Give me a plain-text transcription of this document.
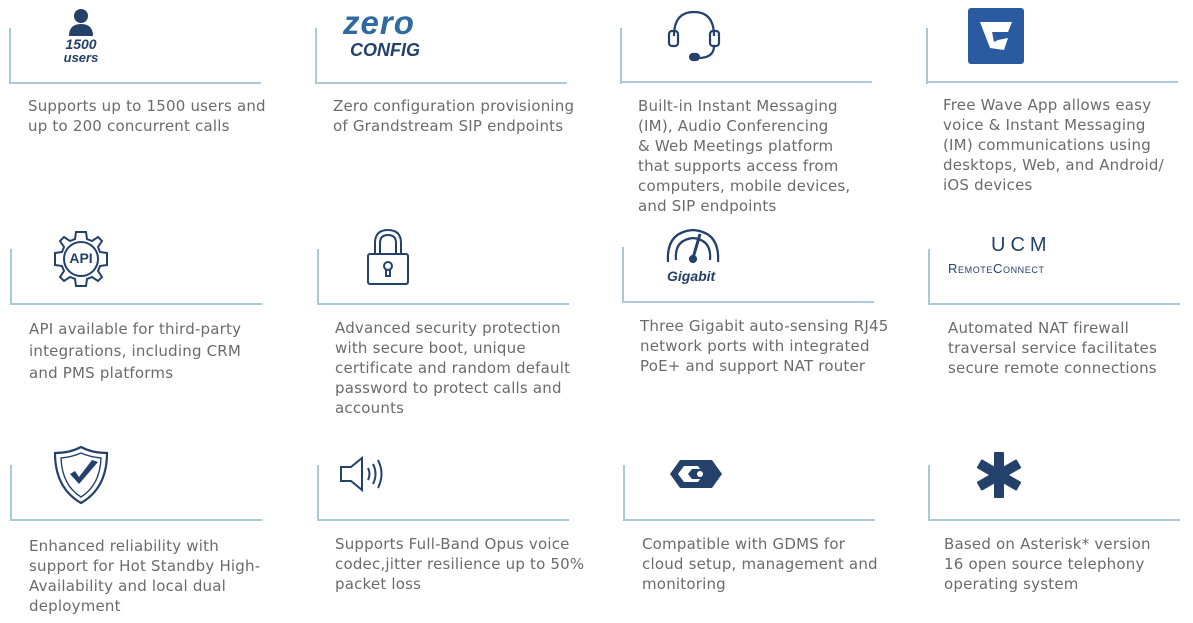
1500
users
Supports up to 1500 users and
up to 200 concurrent calls
zero
CONFIG
Zero configuration provisioning
of Grandstream SIP endpoints
Built-in Instant Messaging
(IM), Audio Conferencing
& Web Meetings platform
that supports access from
computers, mobile devices,
and SIP endpoints
Free Wave App allows easy
voice & Instant Messaging
(IM) communications using
desktops, Web, and Android/
iOS devices
API
API available for third-party
integrations, including CRM
and PMS platforms
Advanced security protection
with secure boot, unique
certificate and random default
password to protect calls and
accounts
Gigabit
Three Gigabit auto-sensing RJ45
network ports with integrated
PoE+ and support NAT router
UCM
RemoteConnect
Automated NAT firewall
traversal service facilitates
secure remote connections
Enhanced reliability with
support for Hot Standby High-
Availability and local dual
deployment
Supports Full-Band Opus voice
codec,jitter resilience up to 50%
packet loss
Compatible with GDMS for
cloud setup, management and
monitoring
Based on Asterisk* version
16 open source telephony
operating system
